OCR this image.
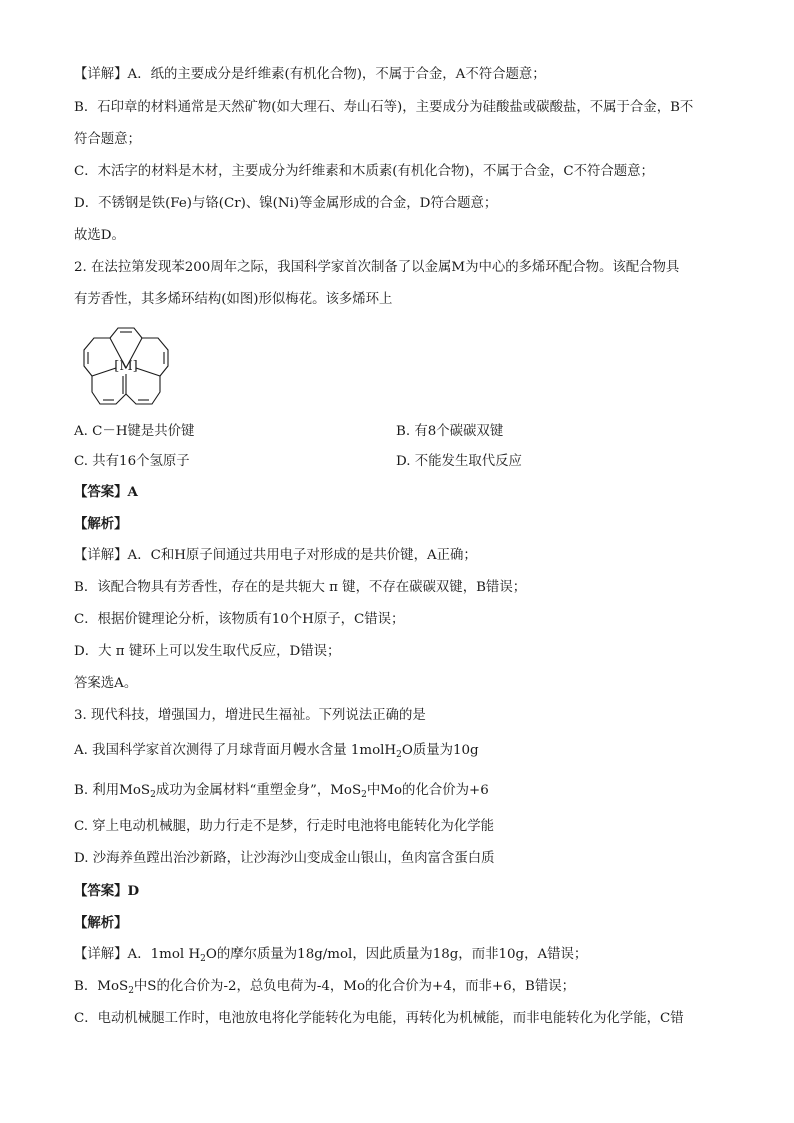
【详解】A．纸的主要成分是纤维素(有机化合物)，不属于合金，A不符合题意；
B．石印章的材料通常是天然矿物(如大理石、寿山石等)，主要成分为硅酸盐或碳酸盐，不属于合金，B不
符合题意；
C．木活字的材料是木材，主要成分为纤维素和木质素(有机化合物)，不属于合金，C不符合题意；
D．不锈钢是铁(Fe)与铬(Cr)、镍(Ni)等金属形成的合金，D符合题意；
故选D。
2. 在法拉第发现苯200周年之际，我国科学家首次制备了以金属M为中心的多烯环配合物。该配合物具
有芳香性，其多烯环结构(如图)形似梅花。该多烯环上
[M]
A. C－H键是共价键	B. 有8个碳碳双键
C. 共有16个氢原子	D. 不能发生取代反应
【答案】A
【解析】
【详解】A．C和H原子间通过共用电子对形成的是共价键，A正确；
B．该配合物具有芳香性，存在的是共轭大 π 键，不存在碳碳双键，B错误；
C．根据价键理论分析，该物质有10个H原子，C错误；
D．大 π 键环上可以发生取代反应，D错误；
答案选A。
3. 现代科技，增强国力，增进民生福祉。下列说法正确的是
A. 我国科学家首次测得了月球背面月幔水含量 1molH$_2$O质量为10g
B. 利用MoS$_2$成功为金属材料“重塑金身”，MoS$_2$中Mo的化合价为+6
C. 穿上电动机械腿，助力行走不是梦，行走时电池将电能转化为化学能
D. 沙海养鱼蹚出治沙新路，让沙海沙山变成金山银山，鱼肉富含蛋白质
【答案】D
【解析】
【详解】A．1mol $H_2O$的摩尔质量为18g/mol，因此质量为18g，而非10g，A错误；
B．MoS$_2$中S的化合价为-2，总负电荷为-4，Mo的化合价为+4，而非+6，B错误；
C．电动机械腿工作时，电池放电将化学能转化为电能，再转化为机械能，而非电能转化为化学能，C错
